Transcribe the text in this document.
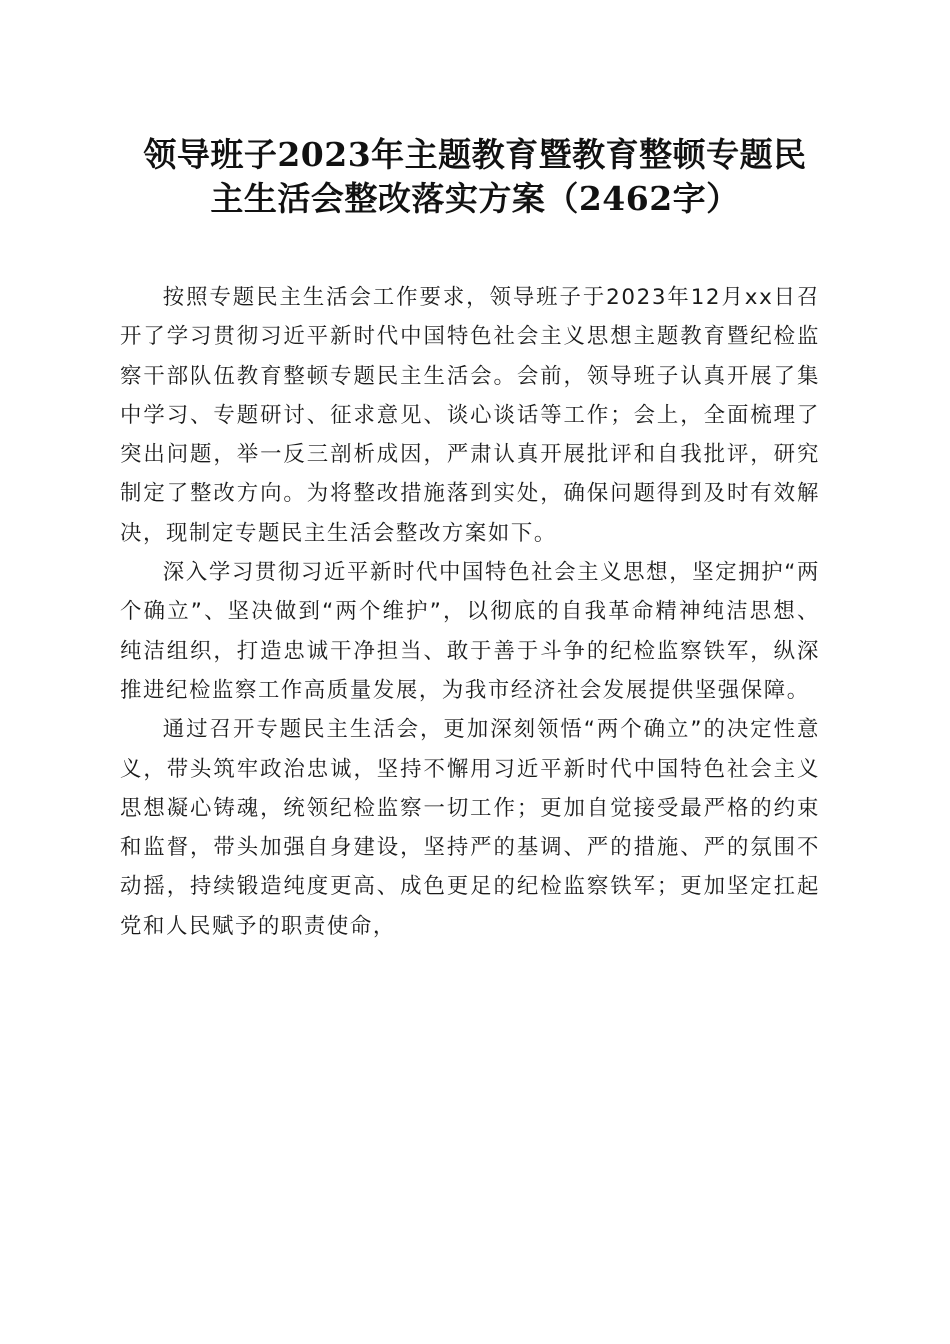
领导班子2023年主题教育暨教育整顿专题民
主生活会整改落实方案（2462字）

按照专题民主生活会工作要求，领导班子于2023年12月xx日召开了学习贯彻习近平新时代中国特色社会主义思想主题教育暨纪检监察干部队伍教育整顿专题民主生活会。会前，领导班子认真开展了集中学习、专题研讨、征求意见、谈心谈话等工作；会上，全面梳理了突出问题，举一反三剖析成因，严肃认真开展批评和自我批评，研究制定了整改方向。为将整改措施落到实处，确保问题得到及时有效解决，现制定专题民主生活会整改方案如下。

深入学习贯彻习近平新时代中国特色社会主义思想，坚定拥护“两个确立”、坚决做到“两个维护”，以彻底的自我革命精神纯洁思想、纯洁组织，打造忠诚干净担当、敢于善于斗争的纪检监察铁军，纵深推进纪检监察工作高质量发展，为我市经济社会发展提供坚强保障。

通过召开专题民主生活会，更加深刻领悟“两个确立”的决定性意义，带头筑牢政治忠诚，坚持不懈用习近平新时代中国特色社会主义思想凝心铸魂，统领纪检监察一切工作；更加自觉接受最严格的约束和监督，带头加强自身建设，坚持严的基调、严的措施、严的氛围不动摇，持续锻造纯度更高、成色更足的纪检监察铁军；更加坚定扛起党和人民赋予的职责使命，
